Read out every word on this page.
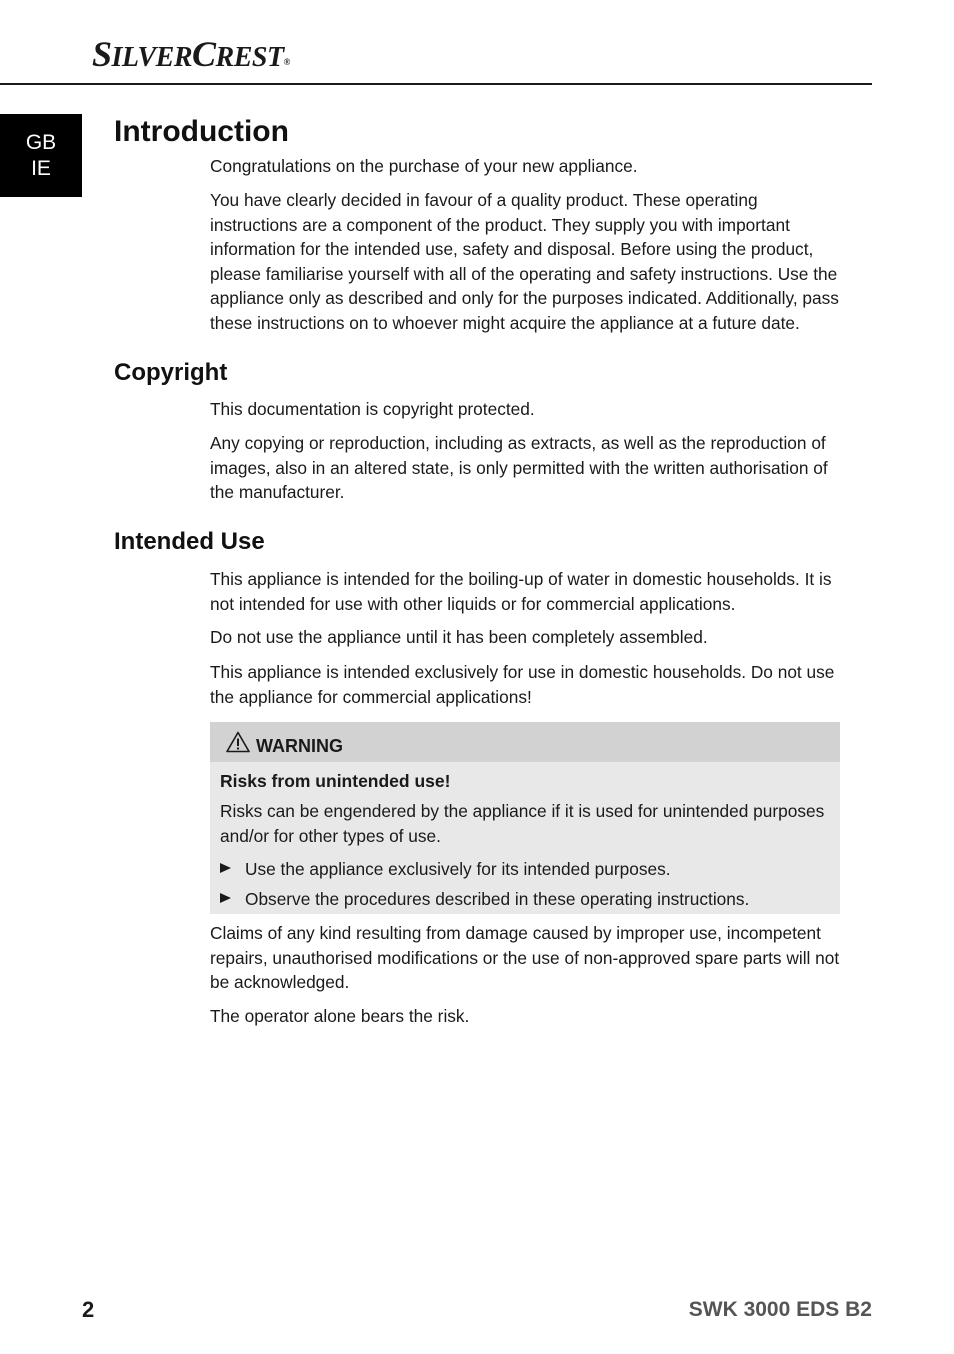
SILVERCREST®
GB
IE
Introduction

Congratulations on the purchase of your new appliance.

You have clearly decided in favour of a quality product. These operating instructions are a component of the product. They supply you with important information for the intended use, safety and disposal. Before using the product, please familiarise yourself with all of the operating and safety instructions. Use the appliance only as described and only for the purposes indicated. Additionally, pass these instructions on to whoever might acquire the appliance at a future date.

Copyright

This documentation is copyright protected.

Any copying or reproduction, including as extracts, as well as the reproduction of images, also in an altered state, is only permitted with the written authorisation of the manufacturer.

Intended Use

This appliance is intended for the boiling-up of water in domestic households. It is not intended for use with other liquids or for commercial applications.

Do not use the appliance until it has been completely assembled.

This appliance is intended exclusively for use in domestic households. Do not use the appliance for commercial applications!

WARNING
Risks from unintended use!

Risks can be engendered by the appliance if it is used for unintended purposes and/or for other types of use.

Use the appliance exclusively for its intended purposes.
Observe the procedures described in these operating instructions.

Claims of any kind resulting from damage caused by improper use, incompetent repairs, unauthorised modifications or the use of non-approved spare parts will not be acknowledged.

The operator alone bears the risk.

2	SWK 3000 EDS B2
